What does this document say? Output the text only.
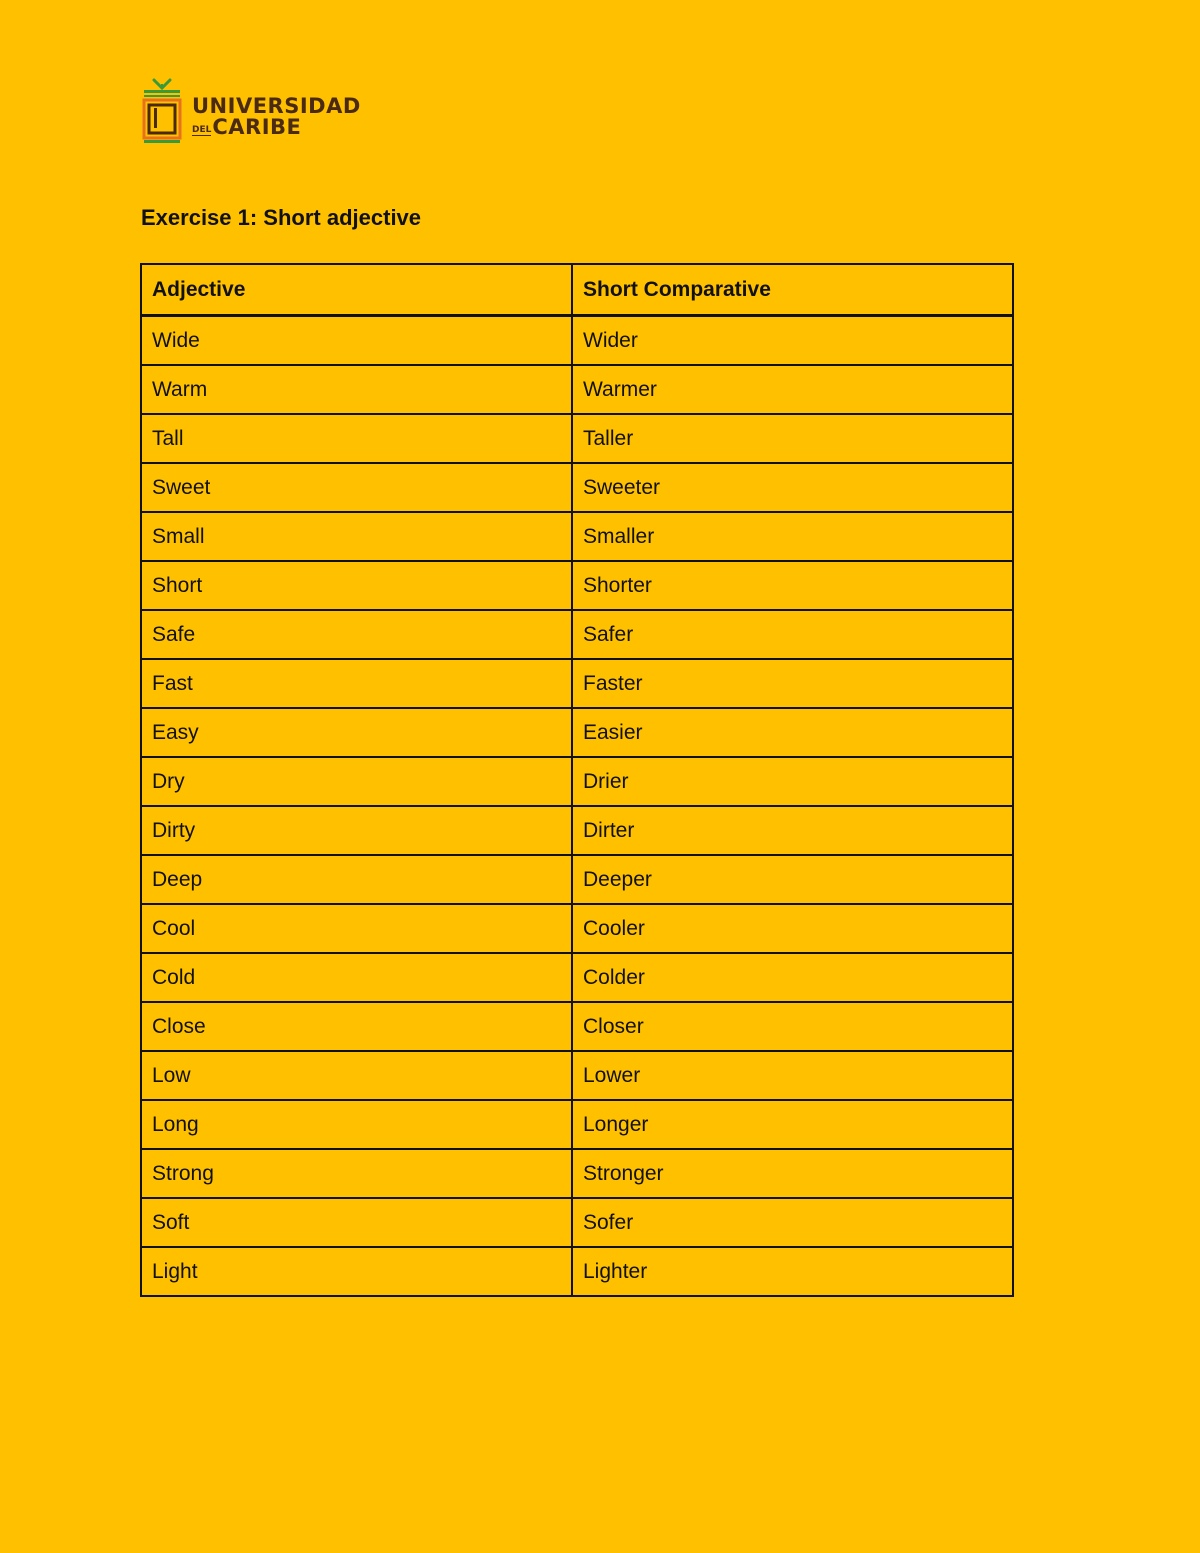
UNIVERSIDAD
DELCARIBE
Exercise 1: Short adjective
Adjective	Short Comparative
Wide	Wider
Warm	Warmer
Tall	Taller
Sweet	Sweeter
Small	Smaller
Short	Shorter
Safe	Safer
Fast	Faster
Easy	Easier
Dry	Drier
Dirty	Dirter
Deep	Deeper
Cool	Cooler
Cold	Colder
Close	Closer
Low	Lower
Long	Longer
Strong	Stronger
Soft	Sofer
Light	Lighter
